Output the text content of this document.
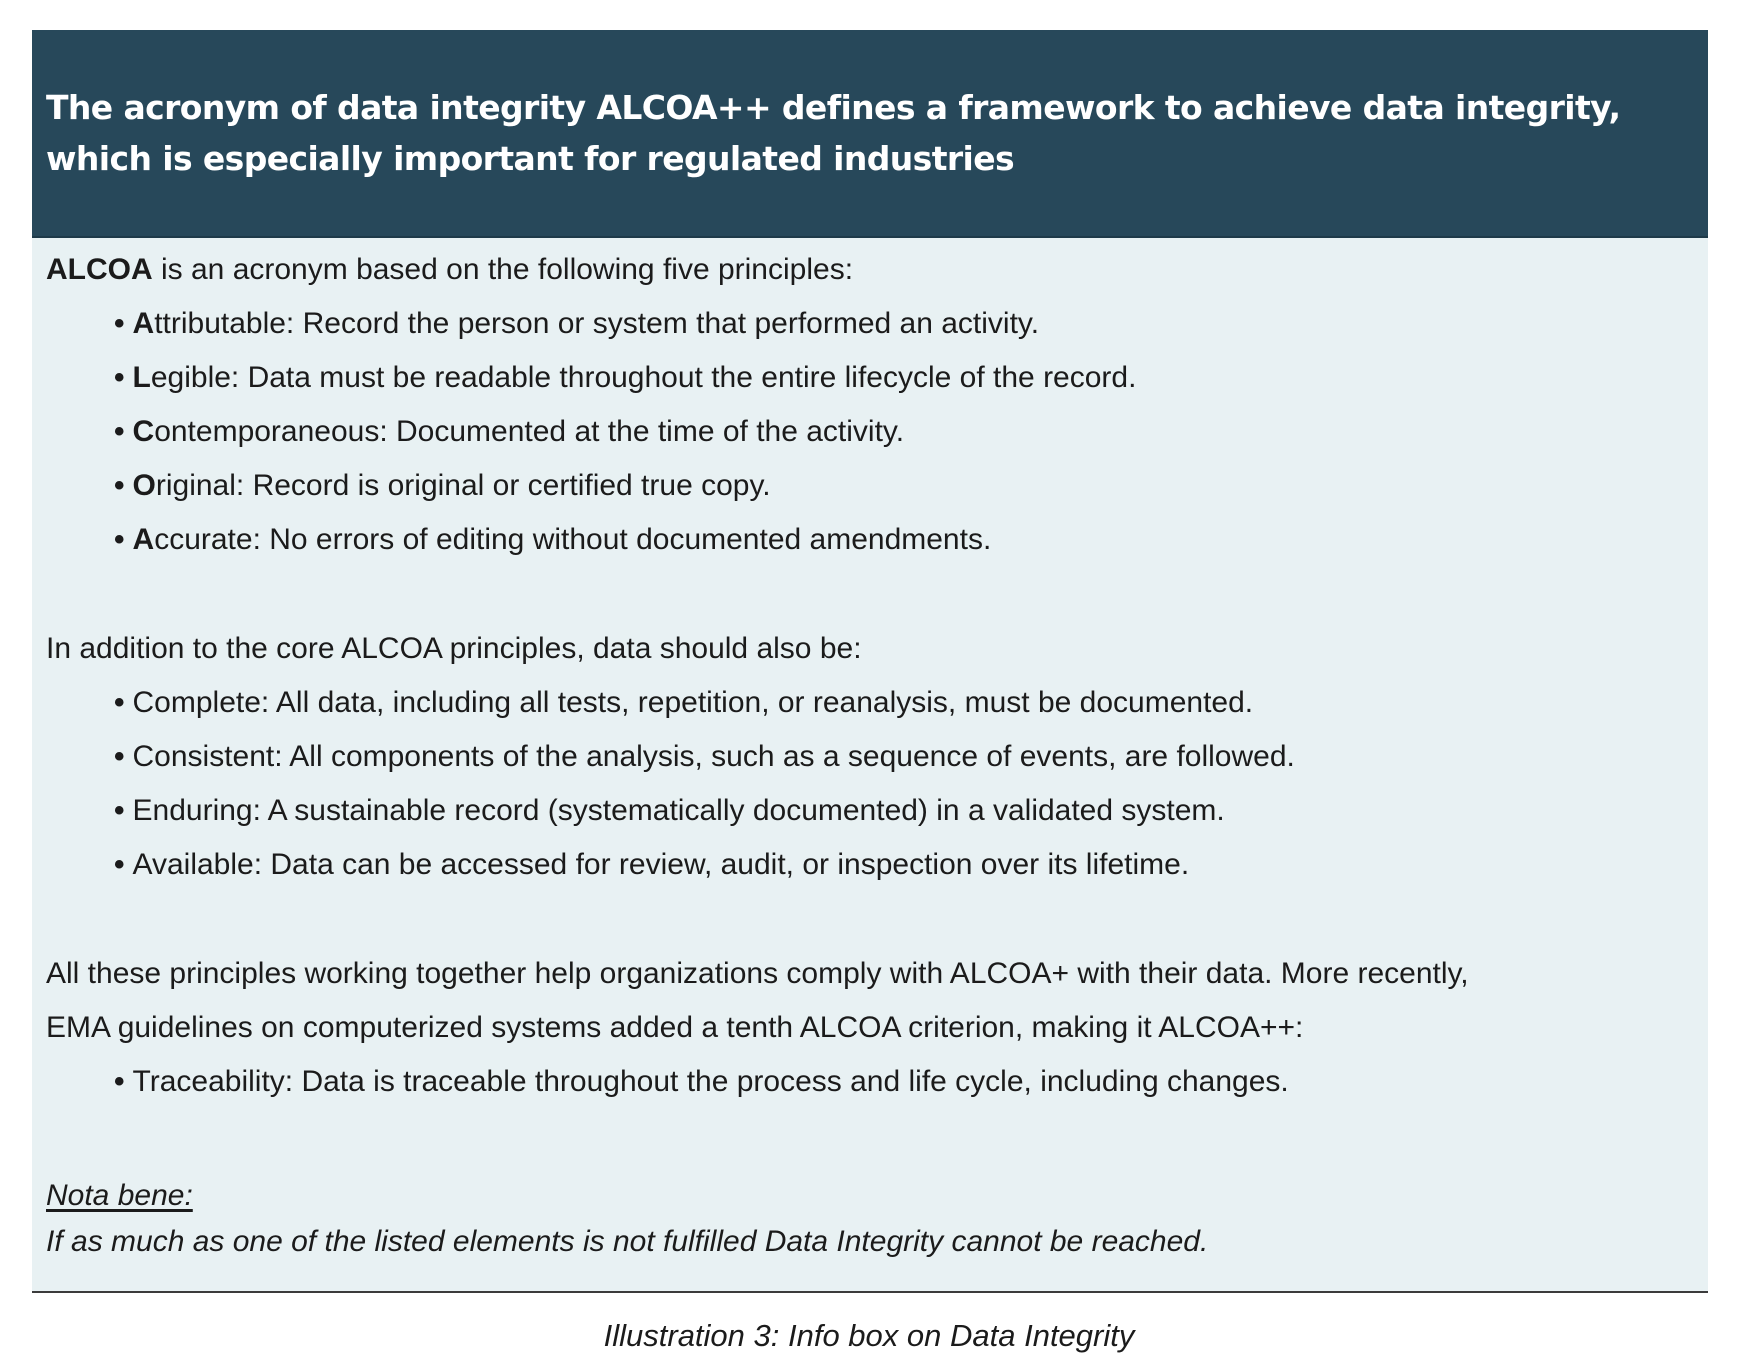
The acronym of data integrity ALCOA++ defines a framework to achieve data integrity,
which is especially important for regulated industries

ALCOA is an acronym based on the following five principles:

• Attributable: Record the person or system that performed an activity.
• Legible: Data must be readable throughout the entire lifecycle of the record.
• Contemporaneous: Documented at the time of the activity.
• Original: Record is original or certified true copy.
• Accurate: No errors of editing without documented amendments.

In addition to the core ALCOA principles, data should also be:

• Complete: All data, including all tests, repetition, or reanalysis, must be documented.
• Consistent: All components of the analysis, such as a sequence of events, are followed.
• Enduring: A sustainable record (systematically documented) in a validated system.
• Available: Data can be accessed for review, audit, or inspection over its lifetime.

All these principles working together help organizations comply with ALCOA+ with their data. More recently,
EMA guidelines on computerized systems added a tenth ALCOA criterion, making it ALCOA++:

• Traceability: Data is traceable throughout the process and life cycle, including changes.

Nota bene:

If as much as one of the listed elements is not fulfilled Data Integrity cannot be reached.

Illustration 3: Info box on Data Integrity
